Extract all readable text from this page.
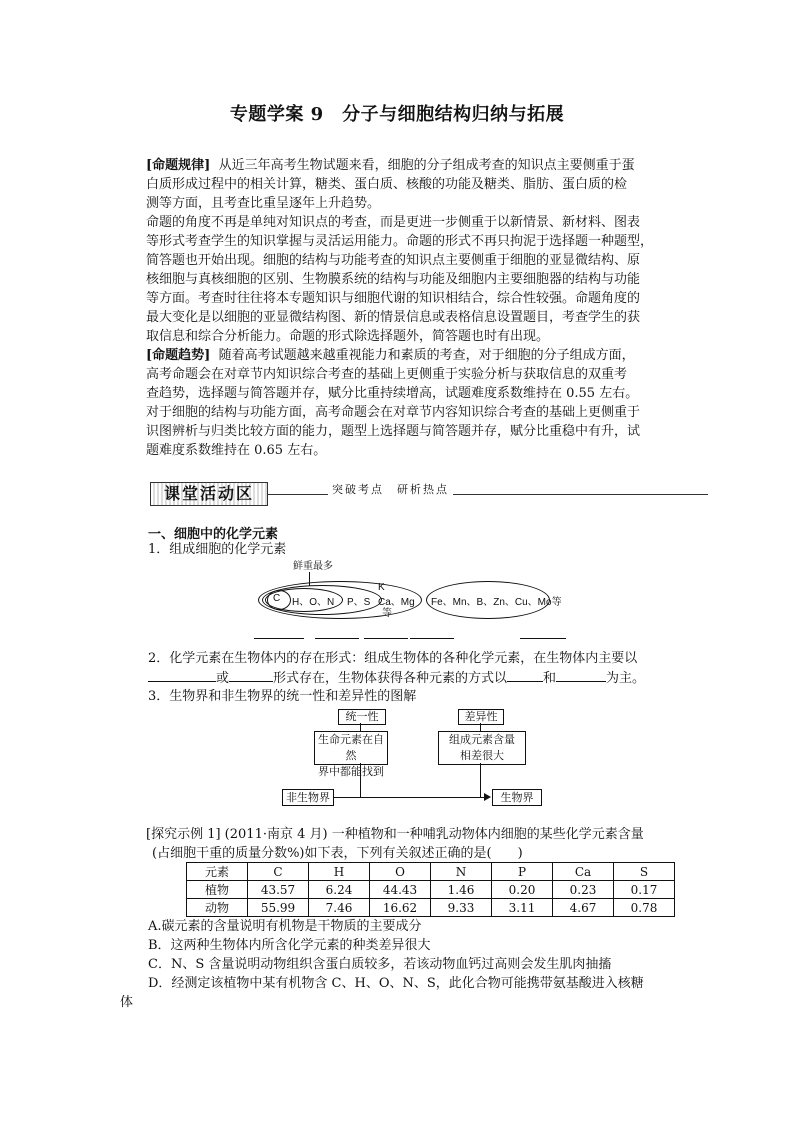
专题学案 9　分子与细胞结构归纳与拓展
[命题规律] 从近三年高考生物试题来看，细胞的分子组成考查的知识点主要侧重于蛋
白质形成过程中的相关计算，糖类、蛋白质、核酸的功能及糖类、脂肪、蛋白质的检
测等方面，且考查比重呈逐年上升趋势。
命题的角度不再是单纯对知识点的考查，而是更进一步侧重于以新情景、新材料、图表
等形式考查学生的知识掌握与灵活运用能力。命题的形式不再只拘泥于选择题一种题型，
简答题也开始出现。细胞的结构与功能考查的知识点主要侧重于细胞的亚显微结构、原
核细胞与真核细胞的区别、生物膜系统的结构与功能及细胞内主要细胞器的结构与功能
等方面。考查时往往将本专题知识与细胞代谢的知识相结合，综合性较强。命题角度的
最大变化是以细胞的亚显微结构图、新的情景信息或表格信息设置题目，考查学生的获
取信息和综合分析能力。命题的形式除选择题外，简答题也时有出现。
[命题趋势] 随着高考试题越来越重视能力和素质的考查，对于细胞的分子组成方面，
高考命题会在对章节内知识综合考查的基础上更侧重于实验分析与获取信息的双重考
查趋势，选择题与简答题并存，赋分比重持续增高，试题难度系数维持在 0.55 左右。
对于细胞的结构与功能方面，高考命题会在对章节内容知识综合考查的基础上更侧重于
识图辨析与归类比较方面的能力，题型上选择题与简答题并存，赋分比重稳中有升，试
题难度系数维持在 0.65 左右。
课堂活动区	突破考点　研析热点
一、细胞中的化学元素
1．组成细胞的化学元素
鲜重最多
C H、O、N P、S
K
Ca、Mg
等
Fe、Mn、B、Zn、Cu、Mo等
2．化学元素在生物体内的存在形式：组成生物体的各种化学元素，在生物体内主要以
或	形式存在，生物体获得各种元素的方式以	和	为主。
3．生物界和非生物界的统一性和差异性的图解
统一性	差异性
生命元素在自然
界中都能找到
组成元素含量
相差很大
非生物界	生物界
[探究示例 1] (2011·南京 4 月) 一种植物和一种哺乳动物体内细胞的某些化学元素含量
(占细胞干重的质量分数%)如下表，下列有关叙述正确的是(　　)
元素	C	H	O	N	P	Ca	S
植物	43.57	6.24	44.43	1.46	0.20	0.23	0.17
动物	55.99	7.46	16.62	9.33	3.11	4.67	0.78
A.碳元素的含量说明有机物是干物质的主要成分
B．这两种生物体内所含化学元素的种类差异很大
C．N、S 含量说明动物组织含蛋白质较多，若该动物血钙过高则会发生肌肉抽搐
D．经测定该植物中某有机物含 C、H、O、N、S，此化合物可能携带氨基酸进入核糖
体
